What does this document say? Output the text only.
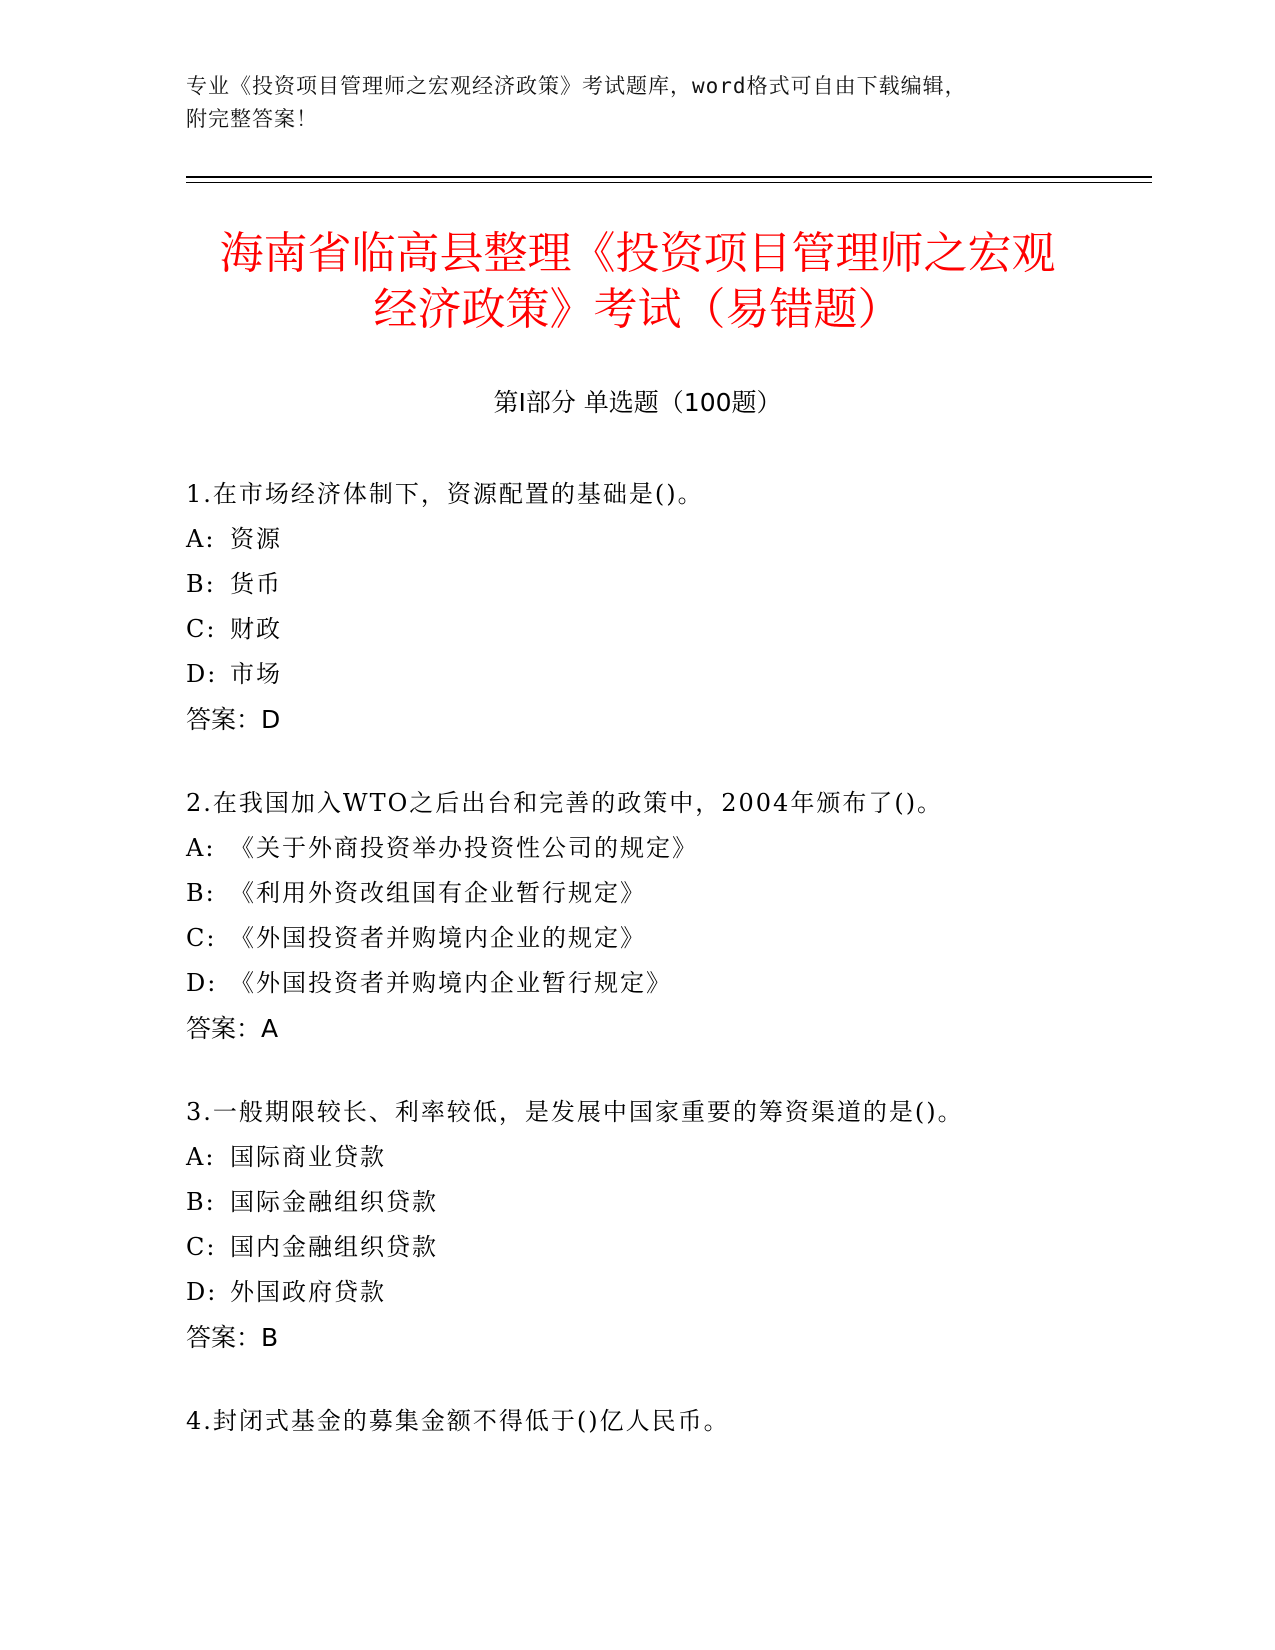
专业《投资项目管理师之宏观经济政策》考试题库，word格式可自由下载编辑，
附完整答案！
海南省临高县整理《投资项目管理师之宏观
经济政策》考试（易错题）
第Ⅰ部分 单选题（100题）
1.在市场经济体制下，资源配置的基础是()。
A: 资源
B: 货币
C: 财政
D: 市场
答案：D
2.在我国加入WTO之后出台和完善的政策中，2004年颁布了()。
A: 《关于外商投资举办投资性公司的规定》
B: 《利用外资改组国有企业暂行规定》
C: 《外国投资者并购境内企业的规定》
D: 《外国投资者并购境内企业暂行规定》
答案：A
3.一般期限较长、利率较低，是发展中国家重要的筹资渠道的是()。
A: 国际商业贷款
B: 国际金融组织贷款
C: 国内金融组织贷款
D: 外国政府贷款
答案：B
4.封闭式基金的募集金额不得低于()亿人民币。
